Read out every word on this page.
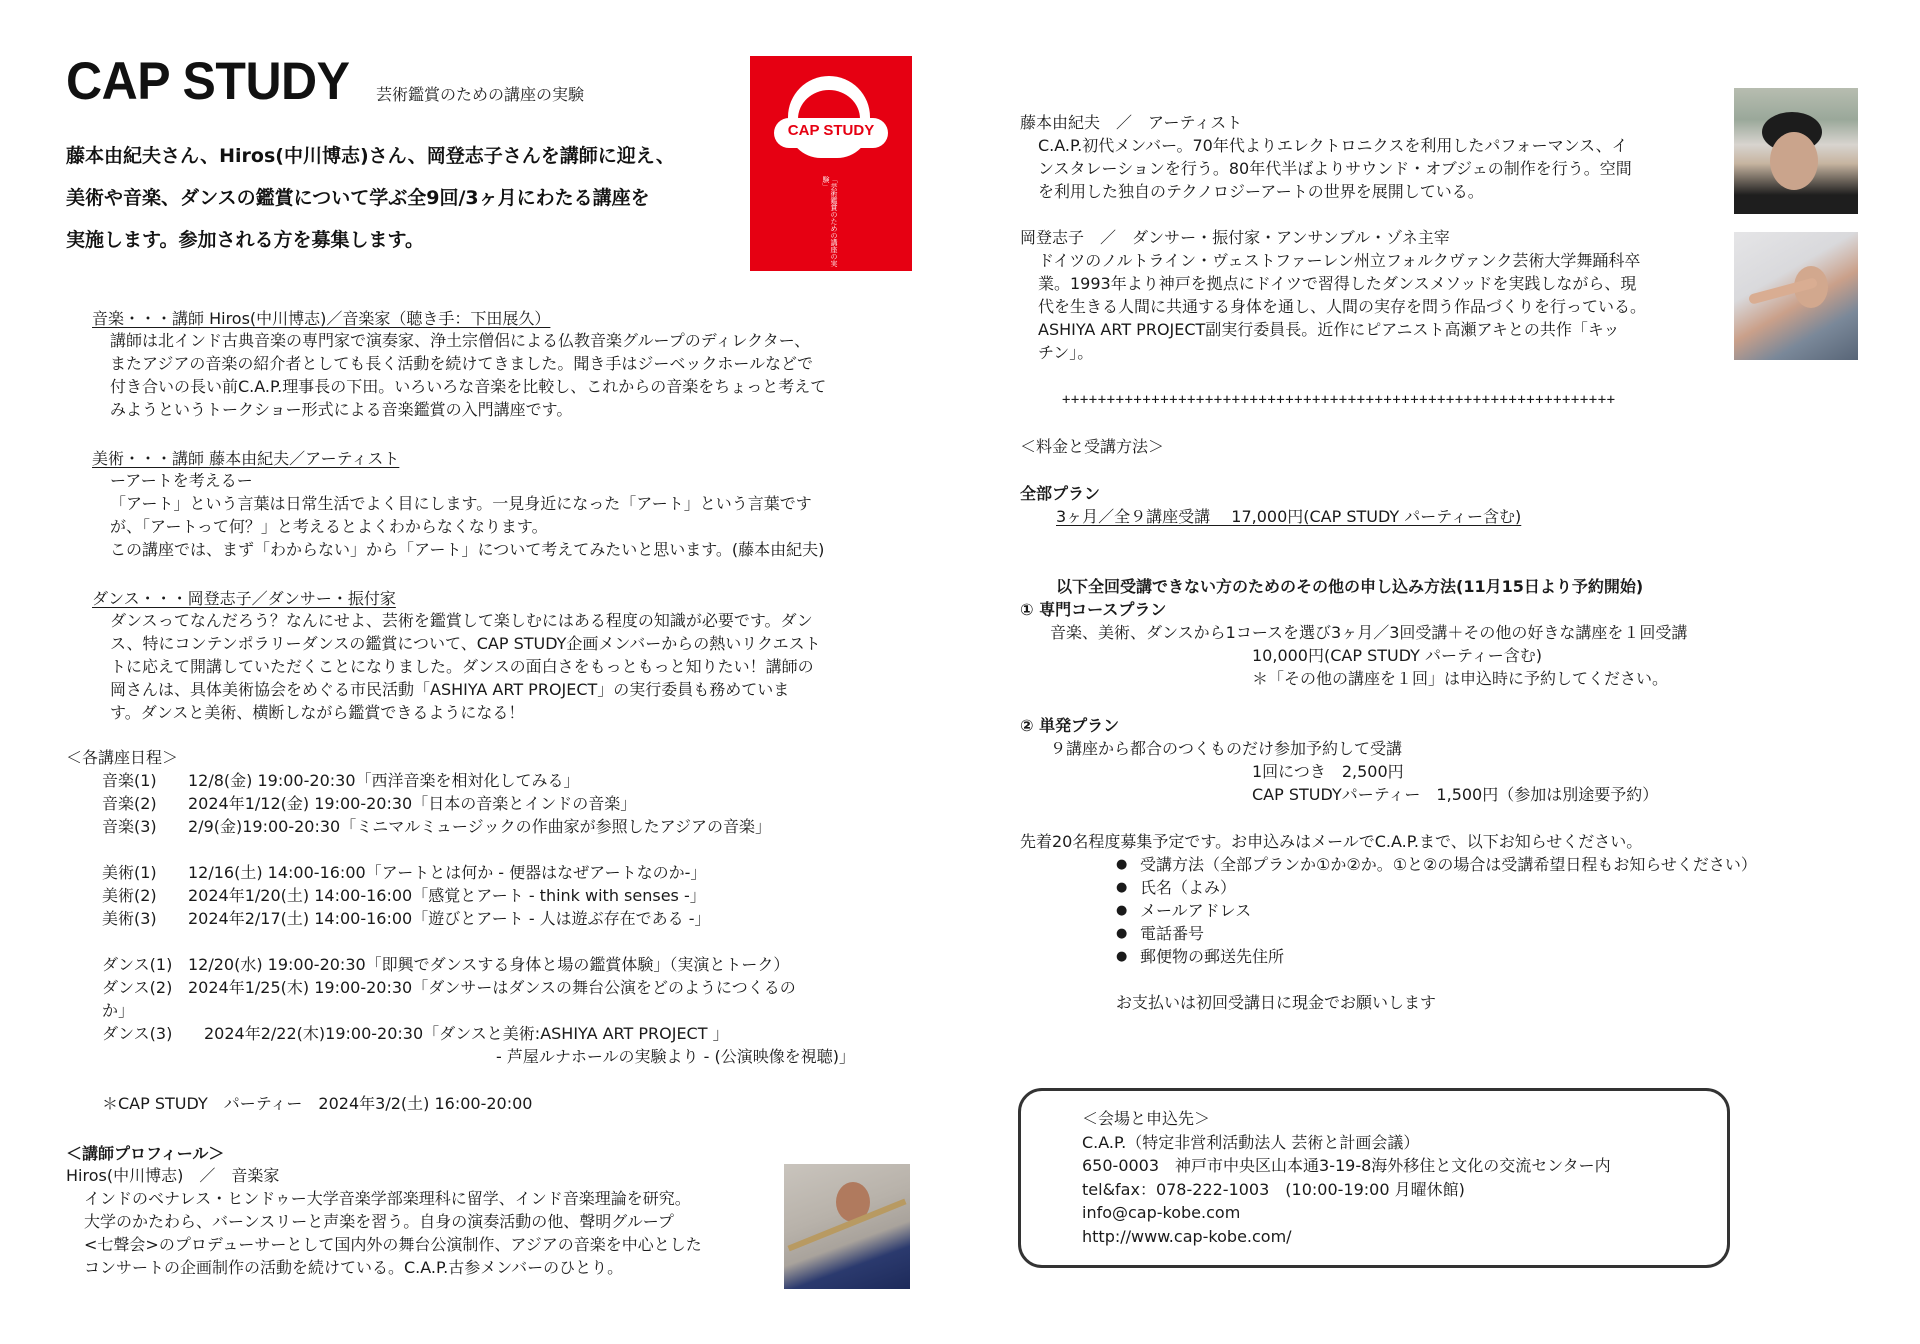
CAP STUDY 芸術鑑賞のための講座の実験
藤本由紀夫さん、Hiros(中川博志)さん、岡登志子さんを講師に迎え、
美術や音楽、ダンスの鑑賞について学ぶ全9回/3ヶ月にわたる講座を
実施します。参加される方を募集します。
CAP STUDY
「芸術鑑賞のための講座の実験」
音楽・・・講師 Hiros(中川博志)／音楽家（聴き手：下田展久）
講師は北インド古典音楽の専門家で演奏家、浄土宗僧侶による仏教音楽グループのディレクター、
またアジアの音楽の紹介者としても長く活動を続けてきました。聞き手はジーベックホールなどで
付き合いの長い前C.A.P.理事長の下田。いろいろな音楽を比較し、これからの音楽をちょっと考えて
みようというトークショー形式による音楽鑑賞の入門講座です。
美術・・・講師 藤本由紀夫／アーティスト
ーアートを考えるー
「アート」という言葉は日常生活でよく目にします。一見身近になった「アート」という言葉です
が、「アートって何？」と考えるとよくわからなくなります。
この講座では、まず「わからない」から「アート」について考えてみたいと思います。(藤本由紀夫)
ダンス・・・岡登志子／ダンサー・振付家
ダンスってなんだろう？なんにせよ、芸術を鑑賞して楽しむにはある程度の知識が必要です。ダン
ス、特にコンテンポラリーダンスの鑑賞について、CAP STUDY企画メンバーからの熱いリクエスト
トに応えて開講していただくことになりました。ダンスの面白さをもっともっと知りたい！講師の
岡さんは、具体美術協会をめぐる市民活動「ASHIYA ART PROJECT」の実行委員も務めていま
す。ダンスと美術、横断しながら鑑賞できるようになる！
＜各講座日程＞
音楽(1) 12/8(金) 19:00-20:30「西洋音楽を相対化してみる」
音楽(2) 2024年1/12(金) 19:00-20:30「日本の音楽とインドの音楽」
音楽(3) 2/9(金)19:00-20:30「ミニマルミュージックの作曲家が参照したアジアの音楽」
美術(1) 12/16(土) 14:00-16:00「アートとは何か - 便器はなぜアートなのか-」
美術(2) 2024年1/20(土) 14:00-16:00「感覚とアート - think with senses -」
美術(3) 2024年2/17(土) 14:00-16:00「遊びとアート - 人は遊ぶ存在である -」
ダンス(1) 12/20(水) 19:00-20:30「即興でダンスする身体と場の鑑賞体験」（実演とトーク）
ダンス(2) 2024年1/25(木) 19:00-20:30「ダンサーはダンスの舞台公演をどのようにつくるの
か」
ダンス(3)　2024年2/22(木)19:00-20:30「ダンスと美術:ASHIYA ART PROJECT 」
- 芦屋ルナホールの実験より - (公演映像を視聴)」
＊CAP STUDY　パーティー　2024年3/2(土) 16:00-20:00
＜講師プロフィール＞
Hiros(中川博志)　／　音楽家
インドのベナレス・ヒンドゥー大学音楽学部楽理科に留学、インド音楽理論を研究。
大学のかたわら、バーンスリーと声楽を習う。自身の演奏活動の他、聲明グループ
<七聲会>のプロデューサーとして国内外の舞台公演制作、アジアの音楽を中心とした
コンサートの企画制作の活動を続けている。C.A.P.古参メンバーのひとり。
藤本由紀夫　／　アーティスト
C.A.P.初代メンバー。70年代よりエレクトロニクスを利用したパフォーマンス、イ
ンスタレーションを行う。80年代半ばよりサウンド・オブジェの制作を行う。空間
を利用した独自のテクノロジーアートの世界を展開している。
岡登志子　／　ダンサー・振付家・アンサンブル・ゾネ主宰
ドイツのノルトライン・ヴェストファーレン州立フォルクヴァンク芸術大学舞踊科卒
業。1993年より神戸を拠点にドイツで習得したダンスメソッドを実践しながら、現
代を生きる人間に共通する身体を通し、人間の実存を問う作品づくりを行っている。
ASHIYA ART PROJECT副実行委員長。近作にピアニスト高瀬アキとの共作「キッ
チン」。
++++++++++++++++++++++++++++++++++++++++++++++++++++++++++++++
＜料金と受講方法＞
全部プラン
3ヶ月／全９講座受講　 17,000円(CAP STUDY パーティー含む)
以下全回受講できない方のためのその他の申し込み方法(11月15日より予約開始)
① 専門コースプラン
音楽、美術、ダンスから1コースを選び3ヶ月／3回受講＋その他の好きな講座を１回受講
10,000円(CAP STUDY パーティー含む)
＊「その他の講座を１回」は申込時に予約してください。
② 単発プラン
９講座から都合のつくものだけ参加予約して受講
1回につき　2,500円
CAP STUDYパーティー　1,500円（参加は別途要予約）
先着20名程度募集予定です。お申込みはメールでC.A.P.まで、以下お知らせください。
● 受講方法（全部プランか①か②か。①と②の場合は受講希望日程もお知らせください）
● 氏名（よみ）
● メールアドレス
● 電話番号
● 郵便物の郵送先住所
お支払いは初回受講日に現金でお願いします
＜会場と申込先＞
C.A.P.（特定非営利活動法人 芸術と計画会議）
650-0003　神戸市中央区山本通3-19-8海外移住と文化の交流センター内
tel&fax：078-222-1003　(10:00-19:00 月曜休館)
info@cap-kobe.com
http://www.cap-kobe.com/
